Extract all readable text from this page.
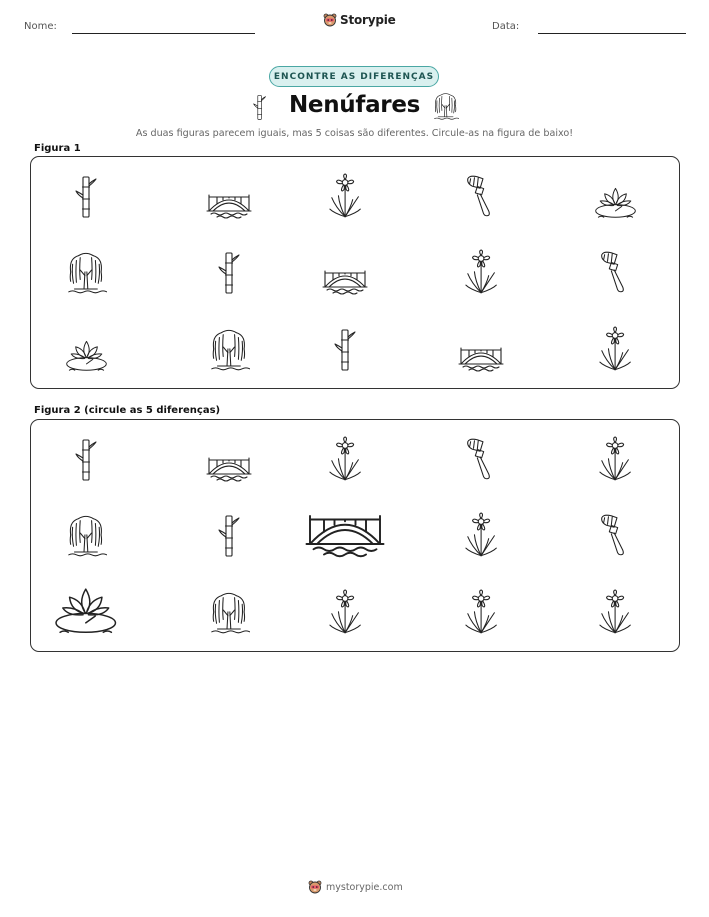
Nome:	Storypie	Data:
ENCONTRE AS DIFERENÇAS
Nenúfares
As duas figuras parecem iguais, mas 5 coisas são diferentes. Circule-as na figura de baixo!
Figura 1
Figura 2 (circule as 5 diferenças)
mystorypie.com
